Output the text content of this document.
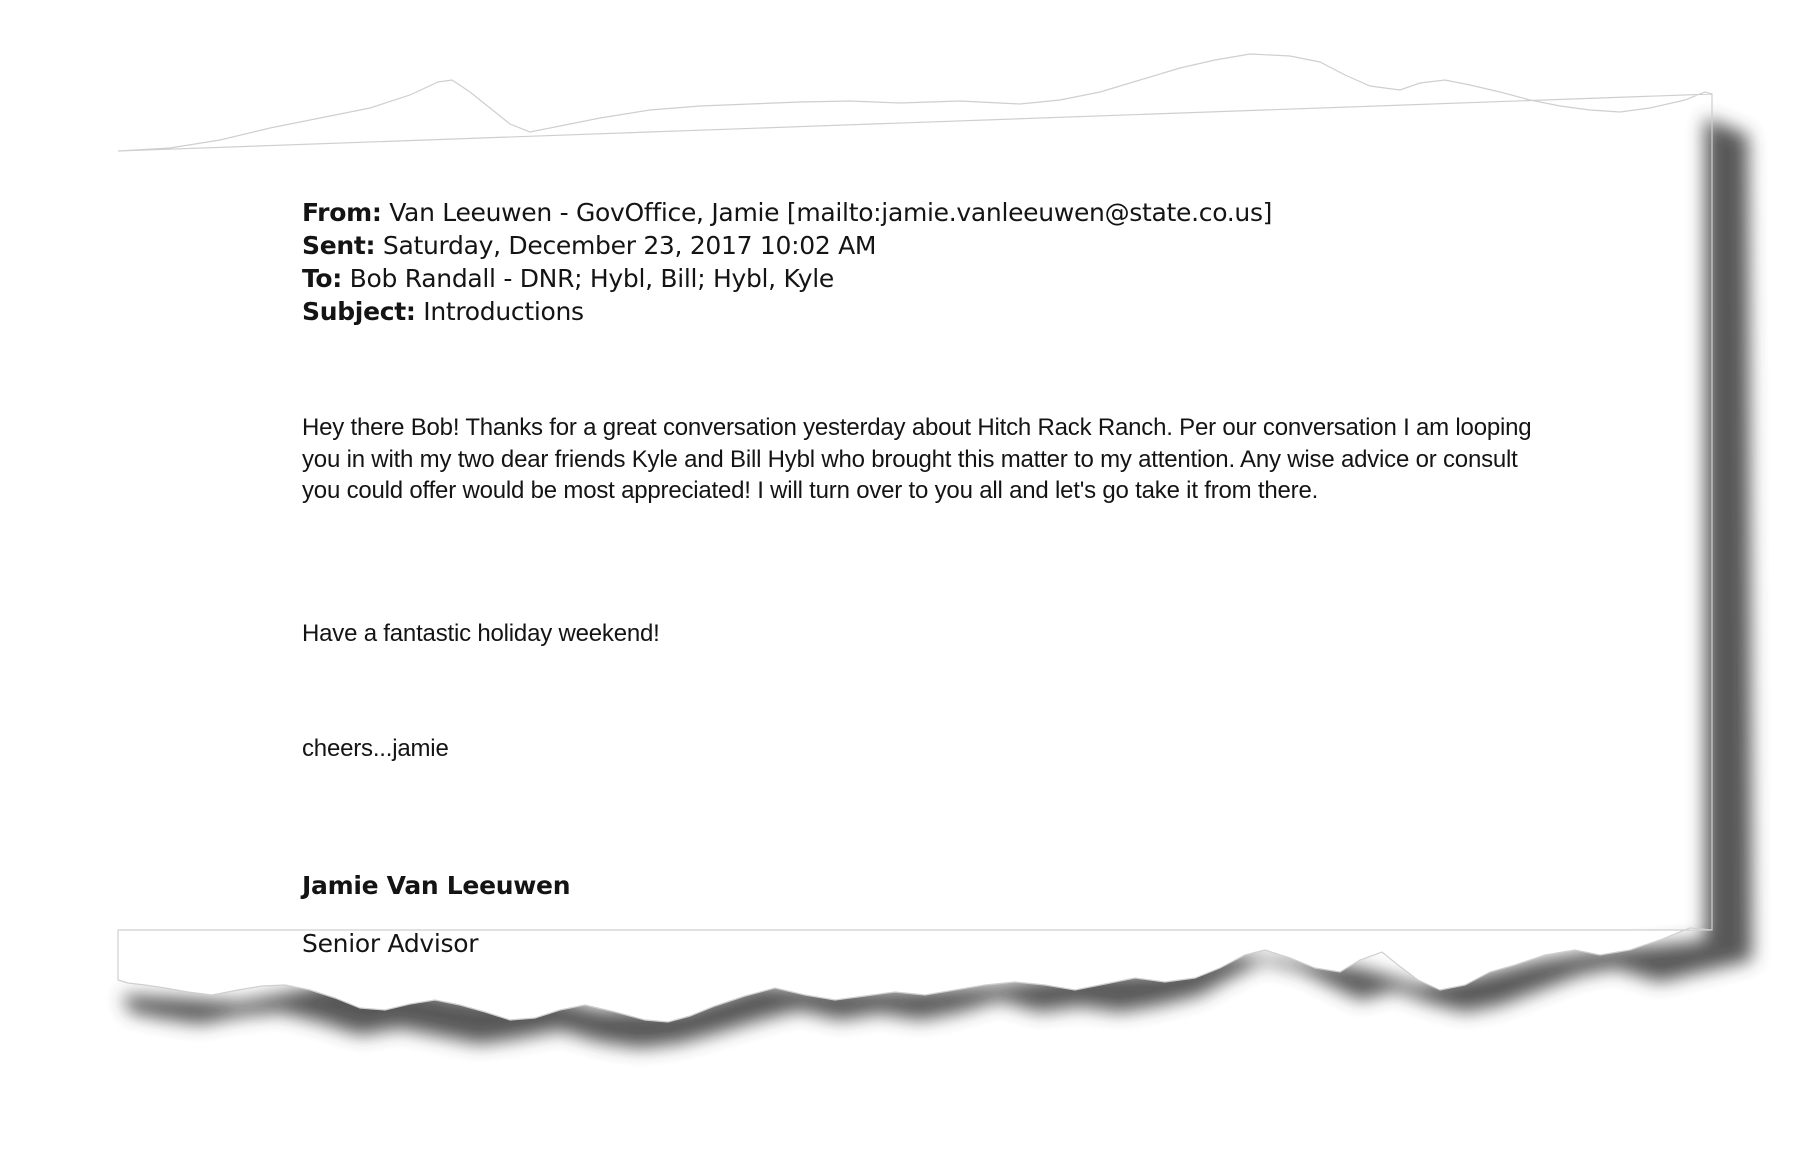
From: Van Leeuwen - GovOffice, Jamie [mailto:jamie.vanleeuwen@state.co.us]
Sent: Saturday, December 23, 2017 10:02 AM
To: Bob Randall - DNR; Hybl, Bill; Hybl, Kyle
Subject: Introductions

Hey there Bob! Thanks for a great conversation yesterday about Hitch Rack Ranch. Per our conversation I am looping you in with my two dear friends Kyle and Bill Hybl who brought this matter to my attention. Any wise advice or consult you could offer would be most appreciated! I will turn over to you all and let's go take it from there.

Have a fantastic holiday weekend!

cheers...jamie

Jamie Van Leeuwen
Senior Advisor
